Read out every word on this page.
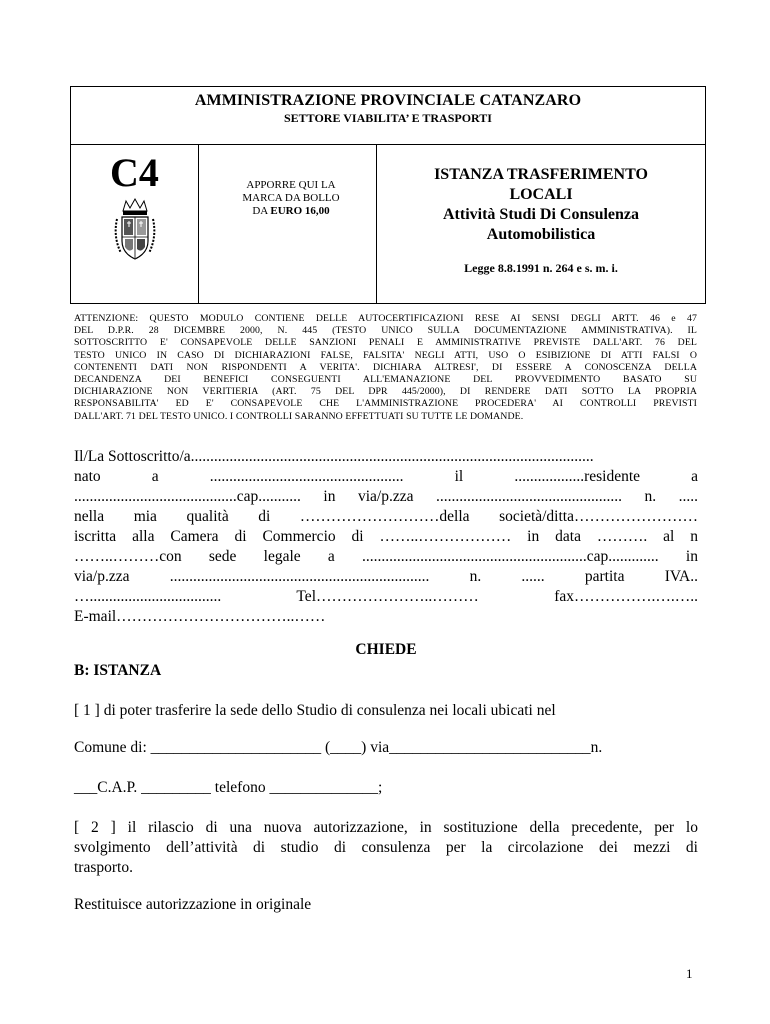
AMMINISTRAZIONE PROVINCIALE CATANZARO
SETTORE VIABILITA’ E TRASPORTI
C4	APPORRE QUI LA
MARCA DA BOLLO
DA EURO 16,00
ISTANZA TRASFERIMENTO
LOCALI
Attività Studi Di Consulenza
Automobilistica
Legge 8.8.1991 n. 264 e s. m. i.
ATTENZIONE: QUESTO MODULO CONTIENE DELLE AUTOCERTIFICAZIONI RESE AI SENSI DEGLI ARTT. 46 e 47
DEL D.P.R. 28 DICEMBRE 2000, N. 445 (TESTO UNICO SULLA DOCUMENTAZIONE AMMINISTRATIVA). IL
SOTTOSCRITTO E' CONSAPEVOLE DELLE SANZIONI PENALI E AMMINISTRATIVE PREVISTE DALL'ART. 76 DEL
TESTO UNICO IN CASO DI DICHIARAZIONI FALSE, FALSITA' NEGLI ATTI, USO O ESIBIZIONE DI ATTI FALSI O
CONTENENTI DATI NON RISPONDENTI A VERITA'. DICHIARA ALTRESI', DI ESSERE A CONOSCENZA DELLA
DECANDENZA DEI BENEFICI CONSEGUENTI ALL'EMANAZIONE DEL PROVVEDIMENTO BASATO SU
DICHIARAZIONE NON VERITIERIA (ART. 75 DEL DPR 445/2000), DI RENDERE DATI SOTTO LA PROPRIA
RESPONSABILITA' ED E' CONSAPEVOLE CHE L'AMMINISTRAZIONE PROCEDERA' AI CONTROLLI PREVISTI
DALL'ART. 71 DEL TESTO UNICO. I CONTROLLI SARANNO EFFETTUATI SU TUTTE LE DOMANDE.
Il/La Sottoscritto/a........................................................................................................
nato a .................................................. il ..................residente a
..........................................cap........... in via/p.zza ................................................ n. .....
nella mia qualità di ………………………della società/ditta……………………
iscritta alla Camera di Commercio di ……..……………… in data ………. al n
……..………con sede legale a ..........................................................cap............. in
via/p.zza ................................................................... n. ...... partita IVA..
….................................. Tel…………………..……… fax…………….….…..
E-mail……………………………..……
CHIEDE
B: ISTANZA
[ 1 ] di poter trasferire la sede dello Studio di consulenza nei locali ubicati nel
Comune di: ______________________ (____) via__________________________n.
___C.A.P. _________ telefono ______________;
[ 2 ] il rilascio di una nuova autorizzazione, in sostituzione della precedente, per lo
svolgimento dell’attività di studio di consulenza per la circolazione dei mezzi di
trasporto.
Restituisce autorizzazione in originale
1
